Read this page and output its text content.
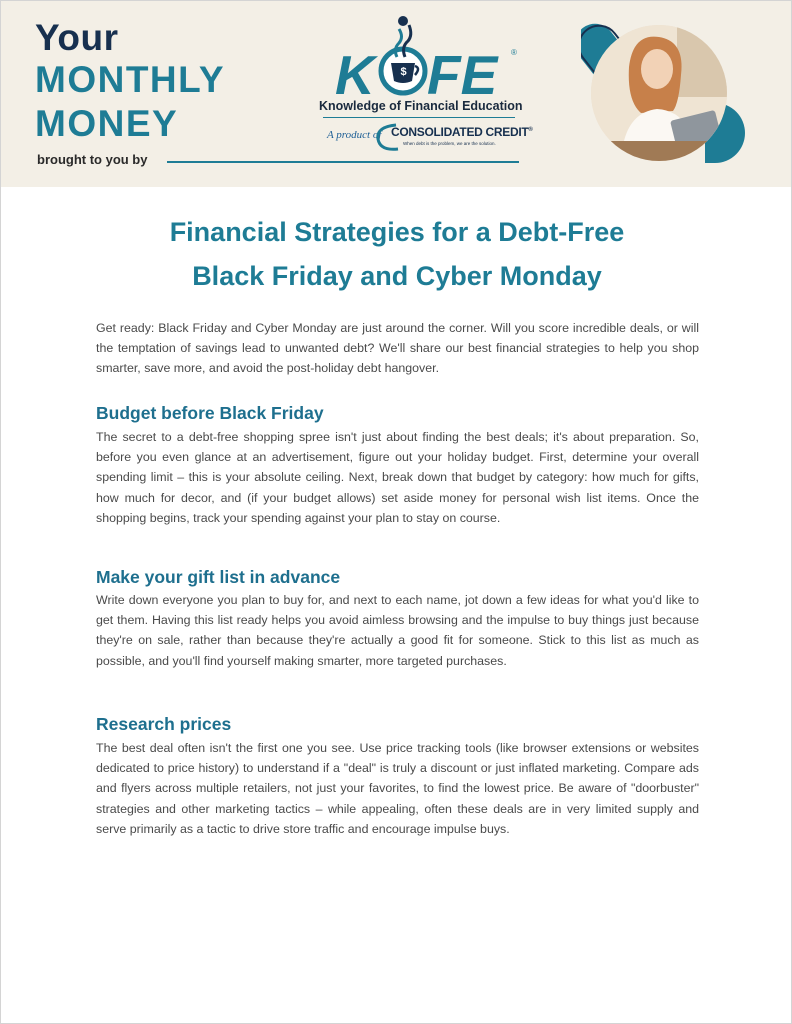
Your
MONTHLY
MONEY
brought to you by
$
K FE ®
Knowledge of Financial Education
A product of CONSOLIDATED CREDIT®
When debt is the problem, we are the solution.
Financial Strategies for a Debt-Free
Black Friday and Cyber Monday

Get ready: Black Friday and Cyber Monday are just around the corner. Will you score incredible deals, or will the temptation of savings lead to unwanted debt? We'll share our best financial strategies to help you shop smarter, save more, and avoid the post-holiday debt hangover.

Budget before Black Friday

The secret to a debt-free shopping spree isn't just about finding the best deals; it's about preparation. So, before you even glance at an advertisement, figure out your holiday budget. First, determine your overall spending limit – this is your absolute ceiling. Next, break down that budget by category: how much for gifts, how much for decor, and (if your budget allows) set aside money for personal wish list items. Once the shopping begins, track your spending against your plan to stay on course.

Make your gift list in advance

Write down everyone you plan to buy for, and next to each name, jot down a few ideas for what you'd like to get them. Having this list ready helps you avoid aimless browsing and the impulse to buy things just because they're on sale, rather than because they're actually a good fit for someone. Stick to this list as much as possible, and you'll find yourself making smarter, more targeted purchases.

Research prices

The best deal often isn't the first one you see. Use price tracking tools (like browser extensions or websites dedicated to price history) to understand if a "deal" is truly a discount or just inflated marketing. Compare ads and flyers across multiple retailers, not just your favorites, to find the lowest price. Be aware of "doorbuster" strategies and other marketing tactics – while appealing, often these deals are in very limited supply and serve primarily as a tactic to drive store traffic and encourage impulse buys.
